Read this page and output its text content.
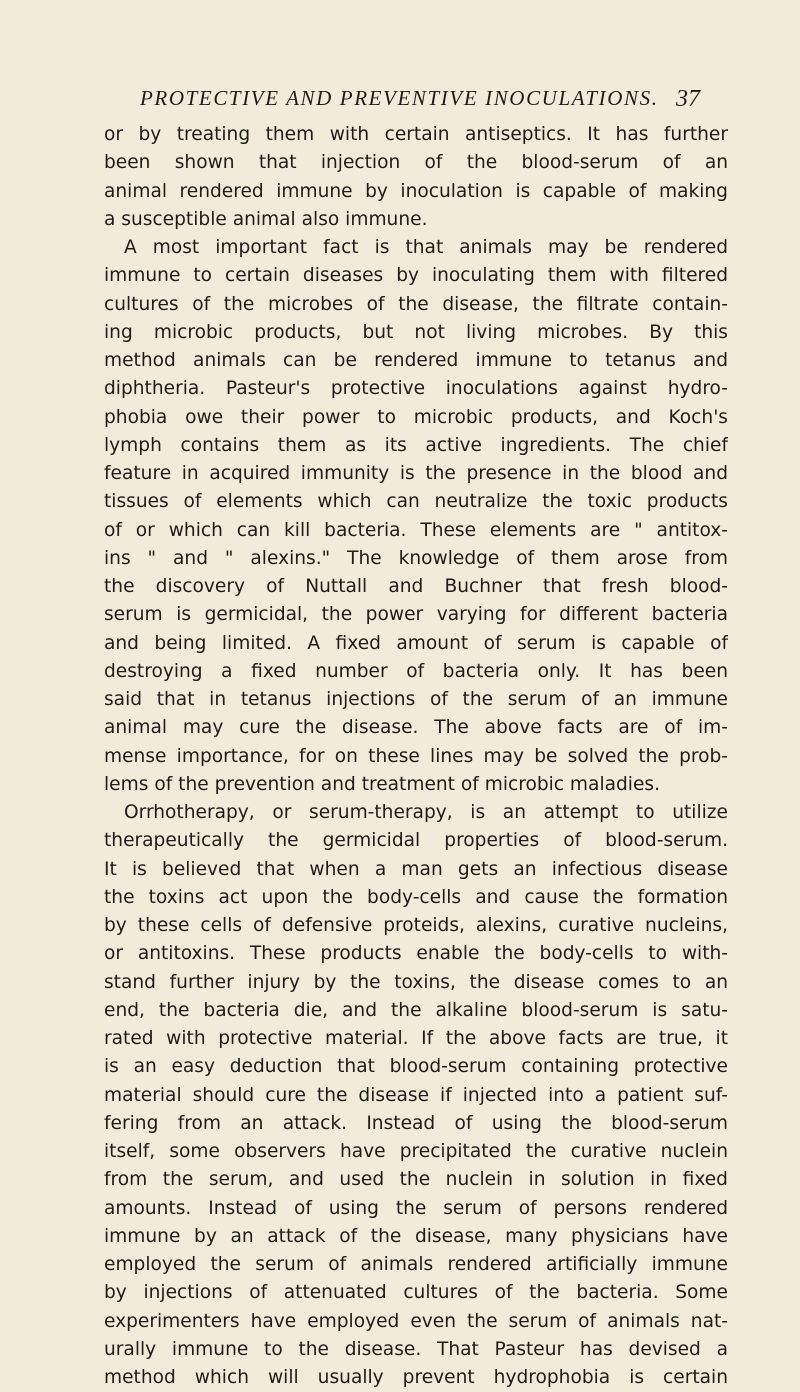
PROTECTIVE AND PREVENTIVE INOCULATIONS. 37
or by treating them with certain antiseptics. It has further
been shown that injection of the blood-serum of an
animal rendered immune by inoculation is capable of making
a susceptible animal also immune.
A most important fact is that animals may be rendered
immune to certain diseases by inoculating them with filtered
cultures of the microbes of the disease, the filtrate contain-
ing microbic products, but not living microbes. By this
method animals can be rendered immune to tetanus and
diphtheria. Pasteur's protective inoculations against hydro-
phobia owe their power to microbic products, and Koch's
lymph contains them as its active ingredients. The chief
feature in acquired immunity is the presence in the blood and
tissues of elements which can neutralize the toxic products
of or which can kill bacteria. These elements are " antitox-
ins " and " alexins." The knowledge of them arose from
the discovery of Nuttall and Buchner that fresh blood-
serum is germicidal, the power varying for different bacteria
and being limited. A fixed amount of serum is capable of
destroying a fixed number of bacteria only. It has been
said that in tetanus injections of the serum of an immune
animal may cure the disease. The above facts are of im-
mense importance, for on these lines may be solved the prob-
lems of the prevention and treatment of microbic maladies.
Orrhotherapy, or serum-therapy, is an attempt to utilize
therapeutically the germicidal properties of blood-serum.
It is believed that when a man gets an infectious disease
the toxins act upon the body-cells and cause the formation
by these cells of defensive proteids, alexins, curative nucleins,
or antitoxins. These products enable the body-cells to with-
stand further injury by the toxins, the disease comes to an
end, the bacteria die, and the alkaline blood-serum is satu-
rated with protective material. If the above facts are true, it
is an easy deduction that blood-serum containing protective
material should cure the disease if injected into a patient suf-
fering from an attack. Instead of using the blood-serum
itself, some observers have precipitated the curative nuclein
from the serum, and used the nuclein in solution in fixed
amounts. Instead of using the serum of persons rendered
immune by an attack of the disease, many physicians have
employed the serum of animals rendered artificially immune
by injections of attenuated cultures of the bacteria. Some
experimenters have employed even the serum of animals nat-
urally immune to the disease. That Pasteur has devised a
method which will usually prevent hydrophobia is certain
